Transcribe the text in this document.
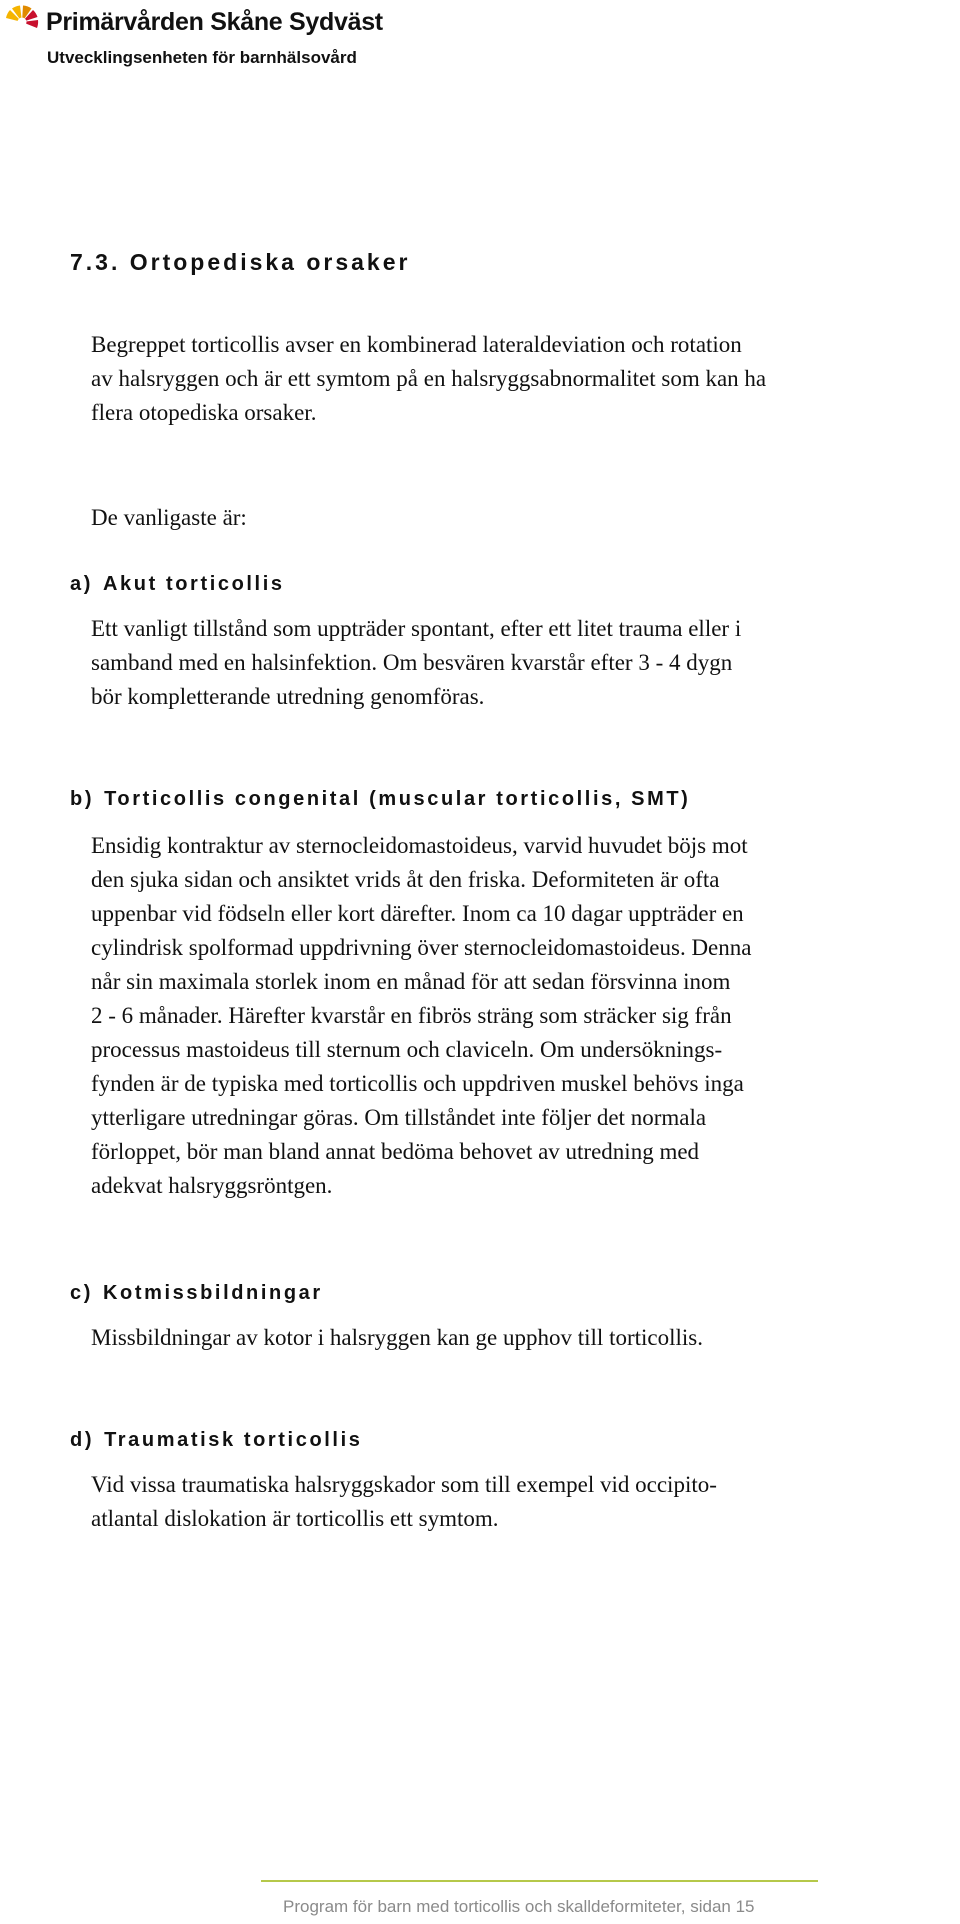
Primärvården Skåne Sydväst
Utvecklingsenheten för barnhälsovård
7.3. Ortopediska orsaker

Begreppet torticollis avser en kombinerad lateraldeviation och rotation
av halsryggen och är ett symtom på en halsryggsabnormalitet som kan ha
flera otopediska orsaker.

De vanligaste är:

a) Akut torticollis

Ett vanligt tillstånd som uppträder spontant, efter ett litet trauma eller i
samband med en halsinfektion. Om besvären kvarstår efter 3 - 4 dygn
bör kompletterande utredning genomföras.

b) Torticollis congenital (muscular torticollis, SMT)

Ensidig kontraktur av sternocleidomastoideus, varvid huvudet böjs mot
den sjuka sidan och ansiktet vrids åt den friska. Deformiteten är ofta
uppenbar vid födseln eller kort därefter. Inom ca 10 dagar uppträder en
cylindrisk spolformad uppdrivning över sternocleidomastoideus. Denna
når sin maximala storlek inom en månad för att sedan försvinna inom
2 - 6 månader. Härefter kvarstår en fibrös sträng som sträcker sig från
processus mastoideus till sternum och claviceln. Om undersöknings-
fynden är de typiska med torticollis och uppdriven muskel behövs inga
ytterligare utredningar göras. Om tillståndet inte följer det normala
förloppet, bör man bland annat bedöma behovet av utredning med
adekvat halsryggsröntgen.

c) Kotmissbildningar

Missbildningar av kotor i halsryggen kan ge upphov till torticollis.

d) Traumatisk torticollis

Vid vissa traumatiska halsryggskador som till exempel vid occipito-
atlantal dislokation är torticollis ett symtom.

Program för barn med torticollis och skalldeformiteter, sidan 15
